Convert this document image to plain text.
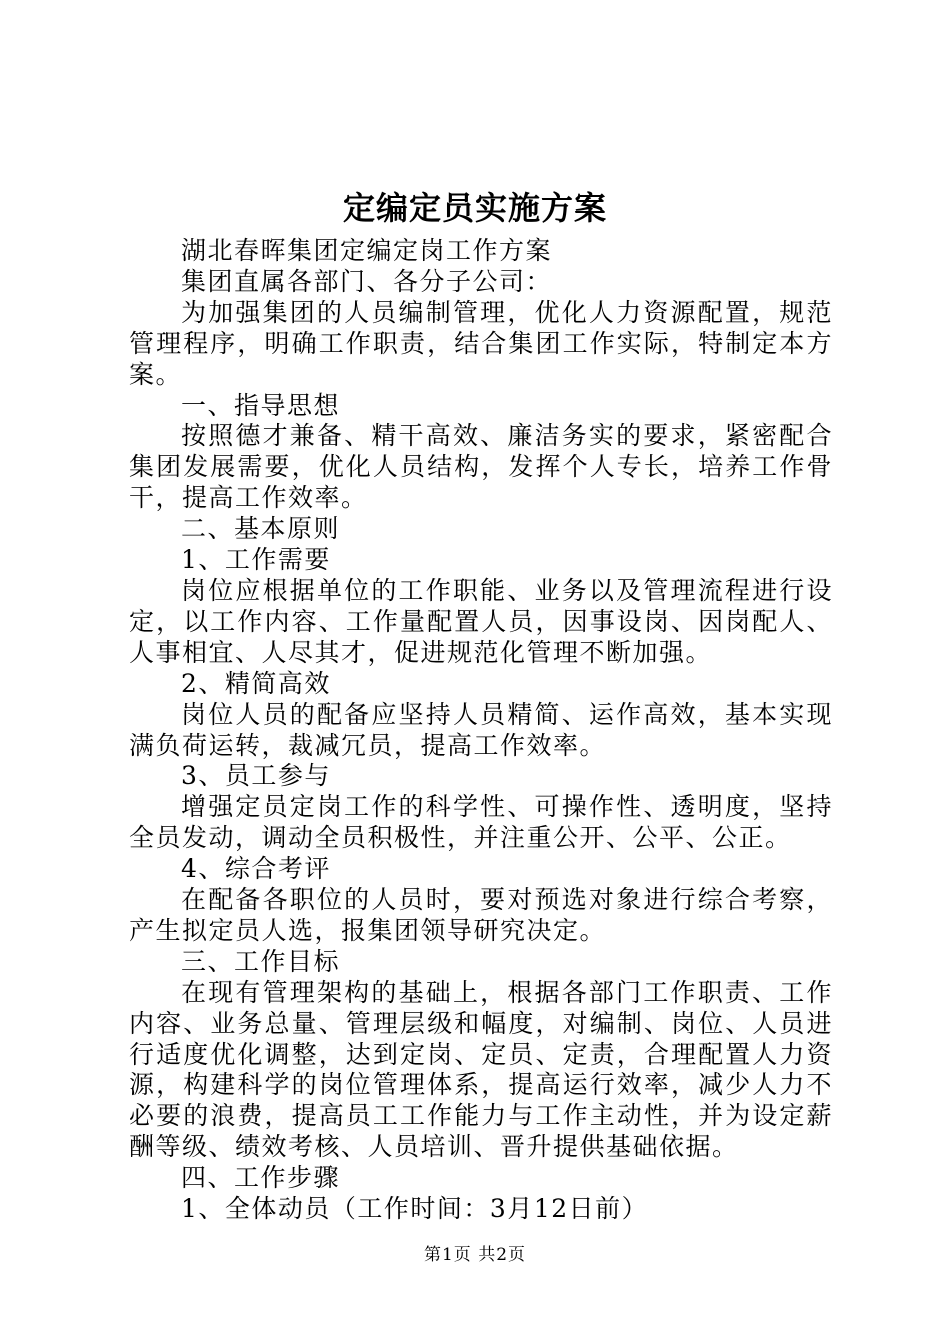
定编定员实施方案

湖北春晖集团定编定岗工作方案

集团直属各部门、各分子公司：

为加强集团的人员编制管理，优化人力资源配置，规范管理程序，明确工作职责，结合集团工作实际，特制定本方案。

一、指导思想

按照德才兼备、精干高效、廉洁务实的要求，紧密配合集团发展需要，优化人员结构，发挥个人专长，培养工作骨干，提高工作效率。

二、基本原则

1、工作需要

岗位应根据单位的工作职能、业务以及管理流程进行设定，以工作内容、工作量配置人员，因事设岗、因岗配人、人事相宜、人尽其才，促进规范化管理不断加强。

2、精简高效

岗位人员的配备应坚持人员精简、运作高效，基本实现满负荷运转，裁减冗员，提高工作效率。

3、员工参与

增强定员定岗工作的科学性、可操作性、透明度，坚持全员发动，调动全员积极性，并注重公开、公平、公正。

4、综合考评

在配备各职位的人员时，要对预选对象进行综合考察，产生拟定员人选，报集团领导研究决定。

三、工作目标

在现有管理架构的基础上，根据各部门工作职责、工作内容、业务总量、管理层级和幅度，对编制、岗位、人员进行适度优化调整，达到定岗、定员、定责，合理配置人力资源，构建科学的岗位管理体系，提高运行效率，减少人力不必要的浪费，提高员工工作能力与工作主动性，并为设定薪酬等级、绩效考核、人员培训、晋升提供基础依据。

四、工作步骤

1、全体动员（工作时间：3月12日前）

第1页 共2页
